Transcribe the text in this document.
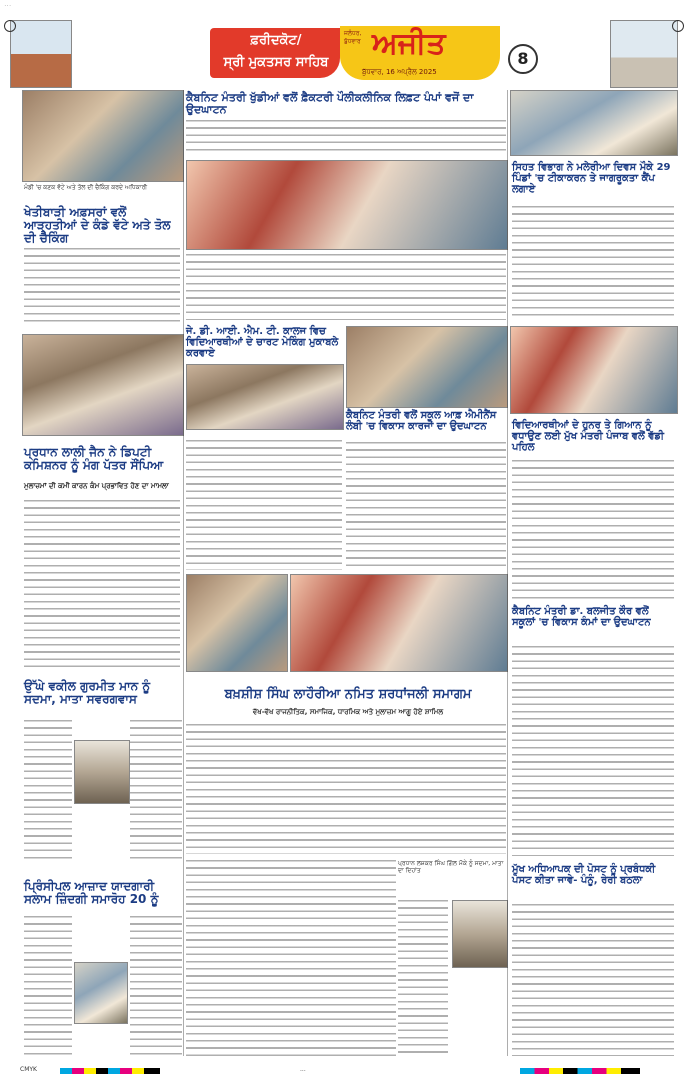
...
ਫ਼ਰੀਦਕੋਟ/
ਸ੍ਰੀ ਮੁਕਤਸਰ ਸਾਹਿਬ
ਅਜੀਤ
ਜਲੰਧਰ, ਬੁੱਧਵਾਰ
ਬੁੱਧਵਾਰ, 16 ਅਪ੍ਰੈਲ 2025
8
ਮੰਡੀ 'ਚ ਕਣਕ ਵੱਟੇ ਅਤੇ ਤੋਲ ਦੀ ਚੈਕਿੰਗ ਕਰਦੇ ਅਧਿਕਾਰੀ
ਖੇਤੀਬਾੜੀ ਅਫ਼ਸਰਾਂ ਵਲੋਂ ਆੜ੍ਹਤੀਆਂ ਦੇ ਕੰਡੇ ਵੱਟੇ ਅਤੇ ਤੋਲ ਦੀ ਚੈਕਿੰਗ
ਪ੍ਰਧਾਨ ਲਾਲੀ ਜੈਨ ਨੇ ਡਿਪਟੀ ਕਮਿਸ਼ਨਰ ਨੂੰ ਮੰਗ ਪੱਤਰ ਸੌਂਪਿਆ
ਮੁਲਾਜ਼ਮਾਂ ਦੀ ਕਮੀ ਕਾਰਨ ਕੰਮ ਪ੍ਰਭਾਵਿਤ ਹੋਣ ਦਾ ਮਾਮਲਾ
ਉੱਘੇ ਵਕੀਲ ਗੁਰਮੀਤ ਮਾਨ ਨੂੰ ਸਦਮਾ, ਮਾਤਾ ਸਵਰਗਵਾਸ
ਪ੍ਰਿੰਸੀਪਲ ਆਜ਼ਾਦ ਯਾਦਗਾਰੀ ਸਲਾਮ ਜ਼ਿੰਦਗੀ ਸਮਾਰੋਹ 20 ਨੂੰ
ਕੈਬਨਿਟ ਮੰਤਰੀ ਖੁੱਡੀਆਂ ਵਲੋਂ ਫ਼ੈਕਟਰੀ ਪੌਲੀਕਲੀਨਿਕ ਲਿਫ਼ਟ ਪੰਪਾਂ ਵਜੋਂ ਦਾ ਉਦਘਾਟਨ
ਜੇ. ਡੀ. ਆਈ. ਐਮ. ਟੀ. ਕਾਲਜ ਵਿਚ ਵਿਦਿਆਰਥੀਆਂ ਦੇ ਚਾਰਟ ਮੇਕਿੰਗ ਮੁਕਾਬਲੇ ਕਰਵਾਏ
ਕੈਬਨਿਟ ਮੰਤਰੀ ਵਲੋਂ ਸਕੂਲ ਆਫ਼ ਐਮੀਨੈਂਸ ਲੰਬੀ 'ਚ ਵਿਕਾਸ ਕਾਰਜਾਂ ਦਾ ਉਦਘਾਟਨ
ਬਖ਼ਸ਼ੀਸ਼ ਸਿੰਘ ਲਾਹੌਰੀਆ ਨਮਿਤ ਸ਼ਰਧਾਂਜਲੀ ਸਮਾਗਮ
ਵੱਖ-ਵੱਖ ਰਾਜਨੀਤਿਕ, ਸਮਾਜਿਕ, ਧਾਰਮਿਕ ਅਤੇ ਮੁਲਾਜ਼ਮ ਆਗੂ ਹੋਏ ਸ਼ਾਮਿਲ
ਪ੍ਰਧਾਨ ਲਸ਼ਕਰ ਸਿੰਘ ਗਿੱਲ ਮੌਕੇ ਨੂੰ ਸਦਮਾ, ਮਾਤਾ ਦਾ ਦਿਹਾਂਤ
ਸਿਹਤ ਵਿਭਾਗ ਨੇ ਮਲੇਰੀਆ ਦਿਵਸ ਮੌਕੇ 29 ਪਿੰਡਾਂ 'ਚ ਟੀਕਾਕਰਨ ਤੇ ਜਾਗਰੂਕਤਾ ਕੈਂਪ ਲਗਾਏ
ਵਿਦਿਆਰਥੀਆਂ ਦੇ ਹੁਨਰ ਤੇ ਗਿਆਨ ਨੂੰ ਵਧਾਉਣ ਲਈ ਮੁੱਖ ਮੰਤਰੀ ਪੰਜਾਬ ਵਲੋਂ ਵੱਡੀ ਪਹਿਲ
ਕੈਬਨਿਟ ਮੰਤਰੀ ਡਾ. ਬਲਜੀਤ ਕੌਰ ਵਲੋਂ ਸਕੂਲਾਂ 'ਚ ਵਿਕਾਸ ਕੰਮਾਂ ਦਾ ਉਦਘਾਟਨ
ਮੁੱਖ ਅਧਿਆਪਕ ਦੀ ਪੋਸਟ ਨੂੰ ਪ੍ਰਬੰਧਕੀ ਪੋਸਟ ਕੀਤਾ ਜਾਵੇ- ਪੰਨੂੰ, ਰੇਰੀ ਬਠਲਾ
CMYK	...
